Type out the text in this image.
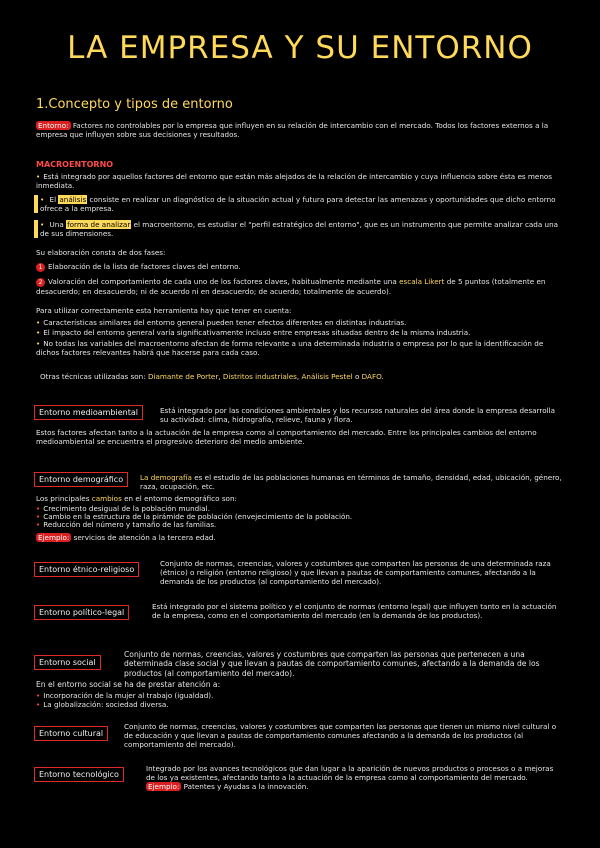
LA EMPRESA Y SU ENTORNO
1.Concepto y tipos de entorno
Entorno: Factores no controlables por la empresa que influyen en su relación de intercambio con el mercado. Todos los factores externos a la empresa que influyen sobre sus decisiones y resultados.
MACROENTORNO
• Está integrado por aquellos factores del entorno que están más alejados de la relación de intercambio y cuya influencia sobre ésta es menos inmediata.
• El análisis consiste en realizar un diagnóstico de la situación actual y futura para detectar las amenazas y oportunidades que dicho entorno ofrece a la empresa.
• Una forma de analizar el macroentorno, es estudiar el "perfil estratégico del entorno", que es un instrumento que permite analizar cada una de sus dimensiones.
Su elaboración consta de dos fases:
1 Elaboración de la lista de factores claves del entorno.
2 Valoración del comportamiento de cada uno de los factores claves, habitualmente mediante una escala Likert de 5 puntos (totalmente en desacuerdo; en desacuerdo; ni de acuerdo ni en desacuerdo; de acuerdo; totalmente de acuerdo).
Para utilizar correctamente esta herramienta hay que tener en cuenta:
• Características similares del entorno general pueden tener efectos diferentes en distintas industrias.
• El impacto del entorno general varía significativamente incluso entre empresas situadas dentro de la misma industria.
• No todas las variables del macroentorno afectan de forma relevante a una determinada industria o empresa por lo que la identificación de dichos factores relevantes habrá que hacerse para cada caso.
Otras técnicas utilizadas son: Diamante de Porter, Distritos industriales, Análisis Pestel o DAFO.
Entorno medioambiental	Está integrado por las condiciones ambientales y los recursos naturales del área donde la empresa desarrolla su actividad: clima, hidrografía, relieve, fauna y flora.
Estos factores afectan tanto a la actuación de la empresa como al comportamiento del mercado. Entre los principales cambios del entorno medioambiental se encuentra el progresivo deterioro del medio ambiente.
Entorno demográfico	La demografía es el estudio de las poblaciones humanas en términos de tamaño, densidad, edad, ubicación, género, raza, ocupación, etc.
Los principales cambios en el entorno demográfico son:
• Crecimiento desigual de la población mundial.
• Cambio en la estructura de la pirámide de población (envejecimiento de la población.
• Reducción del número y tamaño de las familias.
Ejemplo: servicios de atención a la tercera edad.
Entorno étnico-religioso
Conjunto de normas, creencias, valores y costumbres que comparten las personas de una determinada raza (étnico) o religión (entorno religioso) y que llevan a pautas de comportamiento comunes, afectando a la demanda de los productos (al comportamiento del mercado).
Entorno político-legal
Está integrado por el sistema político y el conjunto de normas (entorno legal) que influyen tanto en la actuación de la empresa, como en el comportamiento del mercado (en la demanda de los productos).
Entorno social
Conjunto de normas, creencias, valores y costumbres que comparten las personas que pertenecen a una determinada clase social y que llevan a pautas de comportamiento comunes, afectando a la demanda de los productos (al comportamiento del mercado).
En el entorno social se ha de prestar atención a:
• Incorporación de la mujer al trabajo (igualdad).
• La globalización: sociedad diversa.
Entorno cultural
Conjunto de normas, creencias, valores y costumbres que comparten las personas que tienen un mismo nivel cultural o de educación y que llevan a pautas de comportamiento comunes afectando a la demanda de los productos (al comportamiento del mercado).
Entorno tecnológico
Integrado por los avances tecnológicos que dan lugar a la aparición de nuevos productos o procesos o a mejoras de los ya existentes, afectando tanto a la actuación de la empresa como al comportamiento del mercado. Ejemplo: Patentes y Ayudas a la innovación.
